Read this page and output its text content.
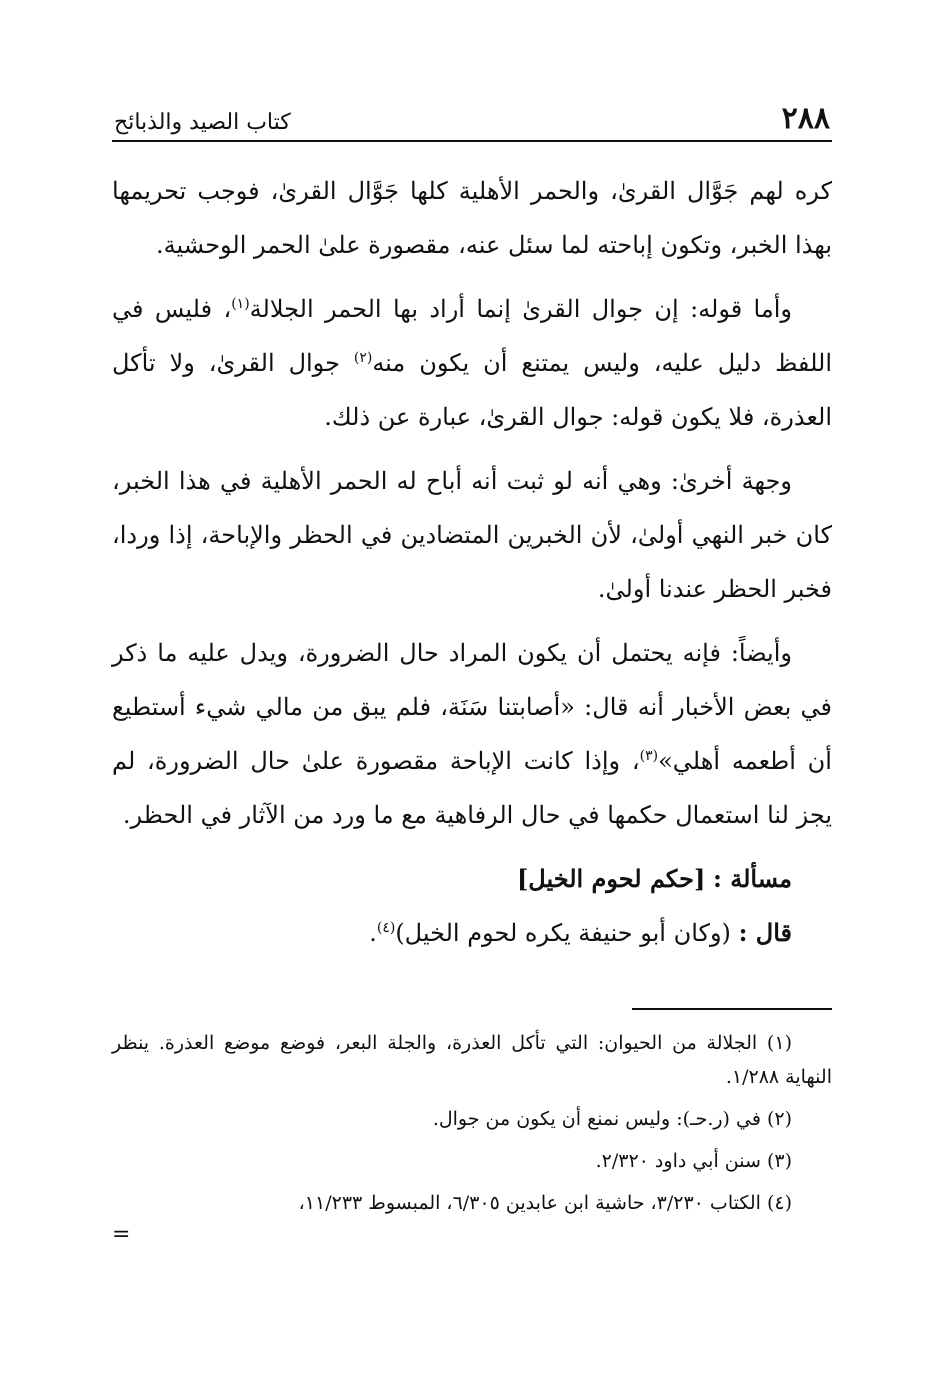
٢٨٨
كتاب الصيد والذبائح

كره لهم جَوَّال القرىٰ، والحمر الأهلية كلها جَوَّال القرىٰ، فوجب تحريمها بهذا الخبر، وتكون إباحته لما سئل عنه، مقصورة علىٰ الحمر الوحشية.

وأما قوله: إن جوال القرىٰ إنما أراد بها الحمر الجلالة$^{(١)}$، فليس في اللفظ دليل عليه، وليس يمتنع أن يكون منه$^{(٢)}$ جوال القرىٰ، ولا تأكل العذرة، فلا يكون قوله: جوال القرىٰ، عبارة عن ذلك.

وجهة أخرىٰ: وهي أنه لو ثبت أنه أباح له الحمر الأهلية في هذا الخبر، كان خبر النهي أولىٰ، لأن الخبرين المتضادين في الحظر والإباحة، إذا وردا، فخبر الحظر عندنا أولىٰ.

وأيضاً: فإنه يحتمل أن يكون المراد حال الضرورة، ويدل عليه ما ذكر في بعض الأخبار أنه قال: «أصابتنا سَنَة، فلم يبق من مالي شيء أستطيع أن أطعمه أهلي»$^{(٣)}$، وإذا كانت الإباحة مقصورة علىٰ حال الضرورة، لم يجز لنا استعمال حكمها في حال الرفاهية مع ما ورد من الآثار في الحظر.

مسألة : [حكم لحوم الخيل]

قال : (وكان أبو حنيفة يكره لحوم الخيل)$^{(٤)}$.

(١) الجلالة من الحيوان: التي تأكل العذرة، والجلة البعر، فوضع موضع العذرة. ينظر النهاية ١/٢٨٨.

(٢) في (ر.حـ): وليس نمنع أن يكون من جوال.

(٣) سنن أبي داود ٢/٣٢٠.

(٤) الكتاب ٣/٢٣٠، حاشية ابن عابدين ٦/٣٠٥، المبسوط ١١/٢٣٣،

=
